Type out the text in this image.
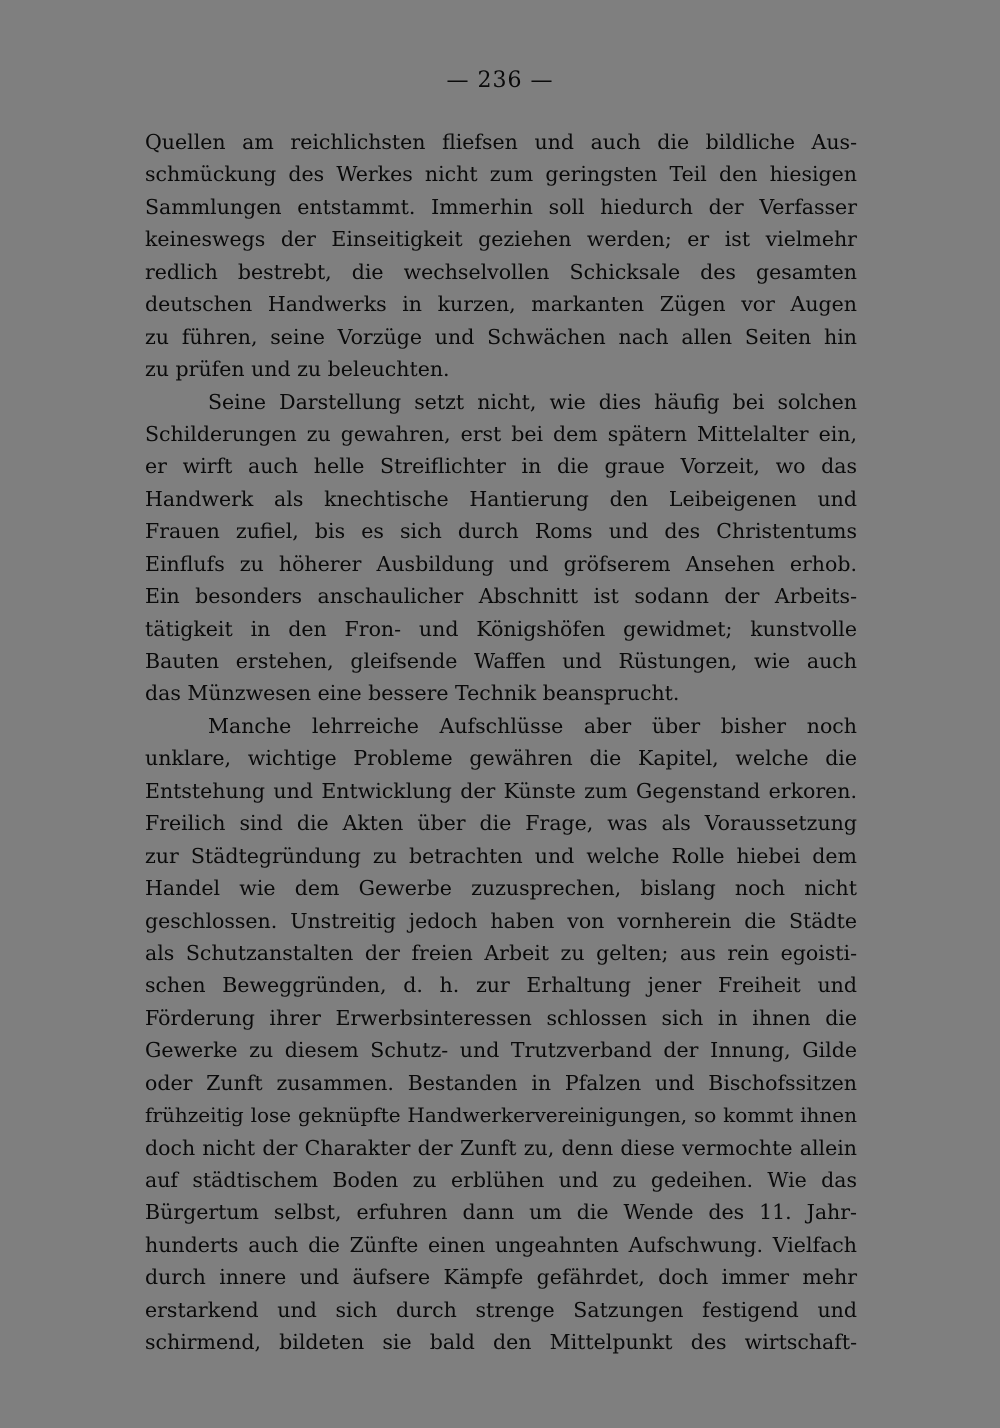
— 236 —
Quellen am reichlichsten fliefsen und auch die bildliche Aus-
schmückung des Werkes nicht zum geringsten Teil den hiesigen
Sammlungen entstammt. Immerhin soll hiedurch der Verfasser
keineswegs der Einseitigkeit geziehen werden; er ist vielmehr
redlich bestrebt, die wechselvollen Schicksale des gesamten
deutschen Handwerks in kurzen, markanten Zügen vor Augen
zu führen, seine Vorzüge und Schwächen nach allen Seiten hin
zu prüfen und zu beleuchten.
Seine Darstellung setzt nicht, wie dies häufig bei solchen
Schilderungen zu gewahren, erst bei dem spätern Mittelalter ein,
er wirft auch helle Streiflichter in die graue Vorzeit, wo das
Handwerk als knechtische Hantierung den Leibeigenen und
Frauen zufiel, bis es sich durch Roms und des Christentums
Einflufs zu höherer Ausbildung und gröfserem Ansehen erhob.
Ein besonders anschaulicher Abschnitt ist sodann der Arbeits-
tätigkeit in den Fron- und Königshöfen gewidmet; kunstvolle
Bauten erstehen, gleifsende Waffen und Rüstungen, wie auch
das Münzwesen eine bessere Technik beansprucht.
Manche lehrreiche Aufschlüsse aber über bisher noch
unklare, wichtige Probleme gewähren die Kapitel, welche die
Entstehung und Entwicklung der Künste zum Gegenstand erkoren.
Freilich sind die Akten über die Frage, was als Voraussetzung
zur Städtegründung zu betrachten und welche Rolle hiebei dem
Handel wie dem Gewerbe zuzusprechen, bislang noch nicht
geschlossen. Unstreitig jedoch haben von vornherein die Städte
als Schutzanstalten der freien Arbeit zu gelten; aus rein egoisti-
schen Beweggründen, d. h. zur Erhaltung jener Freiheit und
Förderung ihrer Erwerbsinteressen schlossen sich in ihnen die
Gewerke zu diesem Schutz- und Trutzverband der Innung, Gilde
oder Zunft zusammen. Bestanden in Pfalzen und Bischofssitzen
frühzeitig lose geknüpfte Handwerkervereinigungen, so kommt ihnen
doch nicht der Charakter der Zunft zu, denn diese vermochte allein
auf städtischem Boden zu erblühen und zu gedeihen. Wie das
Bürgertum selbst, erfuhren dann um die Wende des 11. Jahr-
hunderts auch die Zünfte einen ungeahnten Aufschwung. Vielfach
durch innere und äufsere Kämpfe gefährdet, doch immer mehr
erstarkend und sich durch strenge Satzungen festigend und
schirmend, bildeten sie bald den Mittelpunkt des wirtschaft-
